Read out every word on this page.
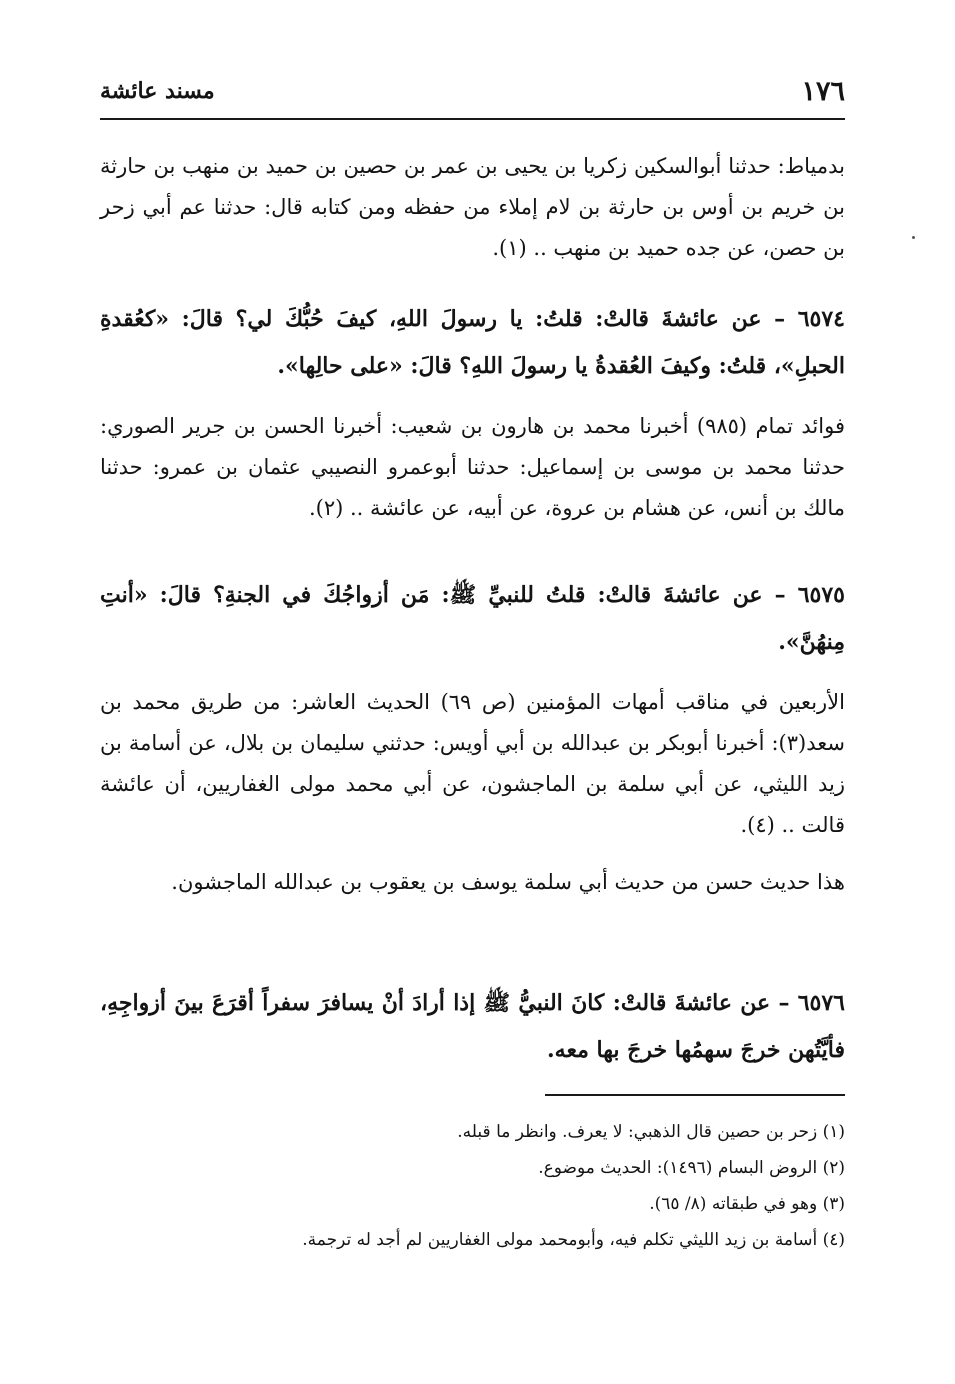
١٧٦
مسند عائشة

بدمياط: حدثنا أبوالسكين زكريا بن يحيى بن عمر بن حصين بن حميد بن منهب بن حارثة بن خريم بن أوس بن حارثة بن لام إملاء من حفظه ومن كتابه قال: حدثنا عم أبي زحر بن حصن، عن جده حميد بن منهب .. (١).

٦٥٧٤ – عن عائشةَ قالتْ: قلتُ: يا رسولَ اللهِ، كيفَ حُبُّكَ لي؟ قالَ: «كعُقدةِ الحبلِ»، قلتُ: وكيفَ العُقدةُ يا رسولَ اللهِ؟ قالَ: «على حالِها».

فوائد تمام (٩٨٥) أخبرنا محمد بن هارون بن شعيب: أخبرنا الحسن بن جرير الصوري: حدثنا محمد بن موسى بن إسماعيل: حدثنا أبوعمرو النصيبي عثمان بن عمرو: حدثنا مالك بن أنس، عن هشام بن عروة، عن أبيه، عن عائشة .. (٢).

٦٥٧٥ – عن عائشةَ قالتْ: قلتُ للنبيِّ ﷺ: مَن أزواجُكَ في الجنةِ؟ قالَ: «أنتِ مِنهُنَّ».

الأربعين في مناقب أمهات المؤمنين (ص ٦٩) الحديث العاشر: من طريق محمد بن سعد(٣): أخبرنا أبوبكر بن عبدالله بن أبي أويس: حدثني سليمان بن بلال، عن أسامة بن زيد الليثي، عن أبي سلمة بن الماجشون، عن أبي محمد مولى الغفاريين، أن عائشة قالت .. (٤).

هذا حديث حسن من حديث أبي سلمة يوسف بن يعقوب بن عبدالله الماجشون.

٦٥٧٦ – عن عائشةَ قالتْ: كانَ النبيُّ ﷺ إذا أرادَ أنْ يسافرَ سفراً أقرَعَ بينَ أزواجِهِ، فأيَّتُهن خرجَ سهمُها خرجَ بها معه.

(١) زحر بن حصين قال الذهبي: لا يعرف. وانظر ما قبله.

(٢) الروض البسام (١٤٩٦): الحديث موضوع.

(٣) وهو في طبقاته (٨/ ٦٥).

(٤) أسامة بن زيد الليثي تكلم فيه، وأبومحمد مولى الغفاريين لم أجد له ترجمة.
